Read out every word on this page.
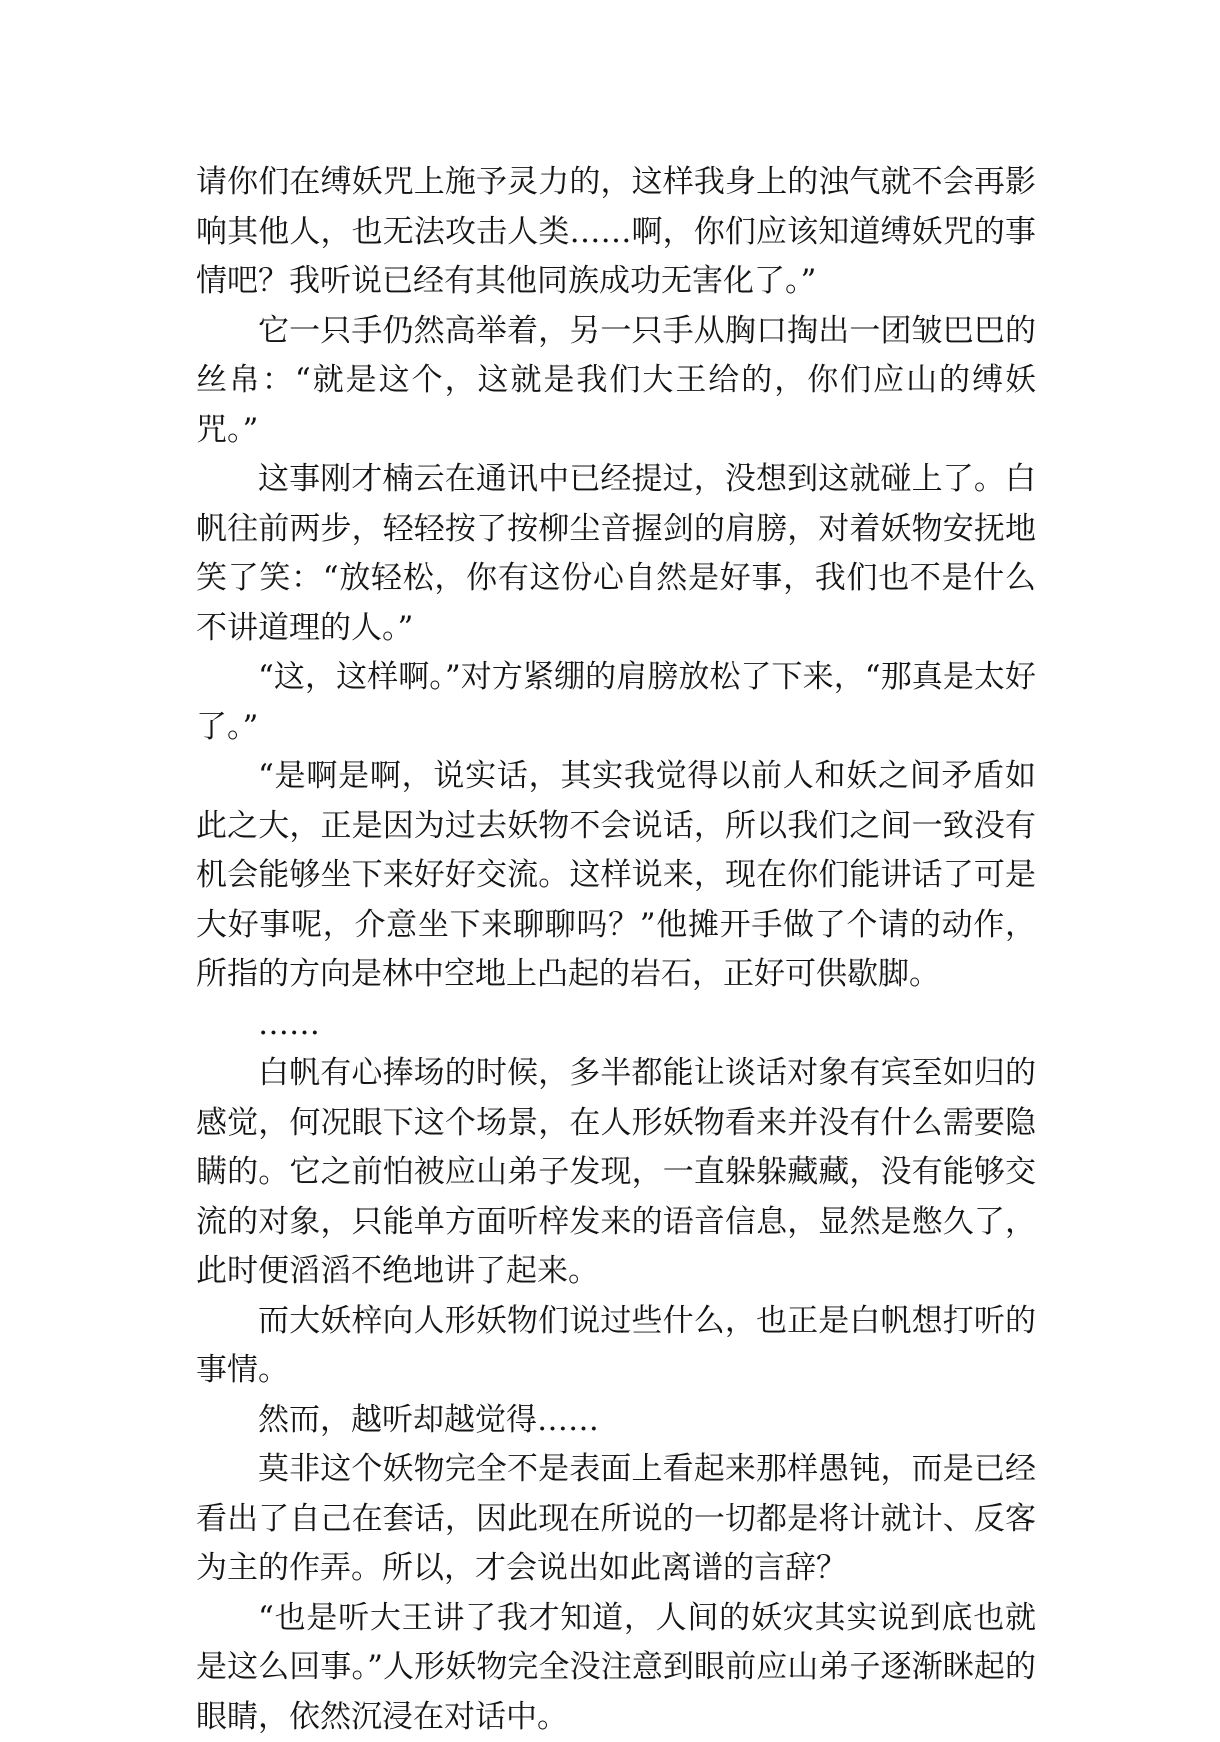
请你们在缚妖咒上施予灵力的，这样我身上的浊气就不会再影响其他人，也无法攻击人类……啊，你们应该知道缚妖咒的事情吧？我听说已经有其他同族成功无害化了。”

它一只手仍然高举着，另一只手从胸口掏出一团皱巴巴的丝帛：“就是这个，这就是我们大王给的，你们应山的缚妖咒。”

这事刚才楠云在通讯中已经提过，没想到这就碰上了。白帆往前两步，轻轻按了按柳尘音握剑的肩膀，对着妖物安抚地笑了笑：“放轻松，你有这份心自然是好事，我们也不是什么不讲道理的人。”

“这，这样啊。”对方紧绷的肩膀放松了下来，“那真是太好了。”

“是啊是啊，说实话，其实我觉得以前人和妖之间矛盾如此之大，正是因为过去妖物不会说话，所以我们之间一致没有机会能够坐下来好好交流。这样说来，现在你们能讲话了可是大好事呢，介意坐下来聊聊吗？”他摊开手做了个请的动作，所指的方向是林中空地上凸起的岩石，正好可供歇脚。

……

白帆有心捧场的时候，多半都能让谈话对象有宾至如归的感觉，何况眼下这个场景，在人形妖物看来并没有什么需要隐瞒的。它之前怕被应山弟子发现，一直躲躲藏藏，没有能够交流的对象，只能单方面听梓发来的语音信息，显然是憋久了，此时便滔滔不绝地讲了起来。

而大妖梓向人形妖物们说过些什么，也正是白帆想打听的事情。

然而，越听却越觉得……

莫非这个妖物完全不是表面上看起来那样愚钝，而是已经看出了自己在套话，因此现在所说的一切都是将计就计、反客为主的作弄。所以，才会说出如此离谱的言辞？

“也是听大王讲了我才知道，人间的妖灾其实说到底也就是这么回事。”人形妖物完全没注意到眼前应山弟子逐渐眯起的眼睛，依然沉浸在对话中。
